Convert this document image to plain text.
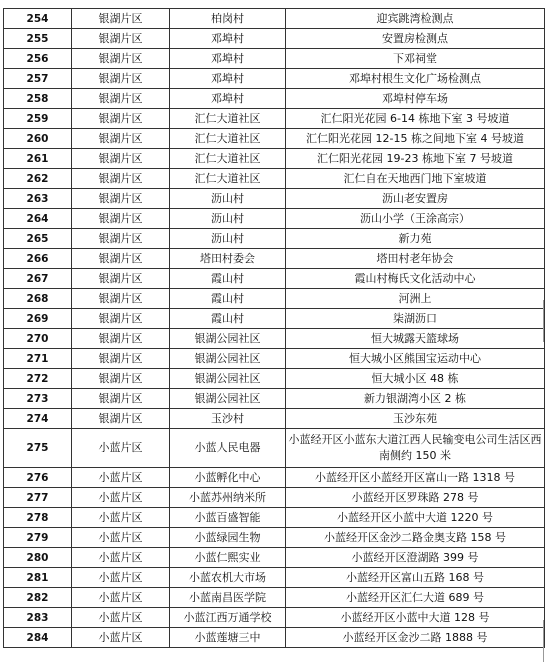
254	银湖片区	柏岗村	迎宾跳湾检测点
255	银湖片区	邓埠村	安置房检测点
256	银湖片区	邓埠村	下邓祠堂
257	银湖片区	邓埠村	邓埠村根生文化广场检测点
258	银湖片区	邓埠村	邓埠村停车场
259	银湖片区	汇仁大道社区	汇仁阳光花园 6-14 栋地下室 3 号坡道
260	银湖片区	汇仁大道社区	汇仁阳光花园 12-15 栋之间地下室 4 号坡道
261	银湖片区	汇仁大道社区	汇仁阳光花园 19-23 栋地下室 7 号坡道
262	银湖片区	汇仁大道社区	汇仁自在天地西门地下室坡道
263	银湖片区	沥山村	沥山老安置房
264	银湖片区	沥山村	沥山小学（王涂高宗）
265	银湖片区	沥山村	新力苑
266	银湖片区	塔田村委会	塔田村老年协会
267	银湖片区	霞山村	霞山村梅氏文化活动中心
268	银湖片区	霞山村	河洲上
269	银湖片区	霞山村	柒湖沥口
270	银湖片区	银湖公园社区	恒大城露天篮球场
271	银湖片区	银湖公园社区	恒大城小区熊国宝运动中心
272	银湖片区	银湖公园社区	恒大城小区 48 栋
273	银湖片区	银湖公园社区	新力银湖湾小区 2 栋
274	银湖片区	玉沙村	玉沙东苑
275	小蓝片区	小蓝人民电器	小蓝经开区小蓝东大道江西人民输变电公司生活区西南侧约 150 米
276	小蓝片区	小蓝孵化中心	小蓝经开区小蓝经开区富山一路 1318 号
277	小蓝片区	小蓝苏州纳米所	小蓝经开区罗珠路 278 号
278	小蓝片区	小蓝百盛智能	小蓝经开区小蓝中大道 1220 号
279	小蓝片区	小蓝绿园生物	小蓝经开区金沙二路金奥支路 158 号
280	小蓝片区	小蓝仁熙实业	小蓝经开区澄湖路 399 号
281	小蓝片区	小蓝农机大市场	小蓝经开区富山五路 168 号
282	小蓝片区	小蓝南昌医学院	小蓝经开区汇仁大道 689 号
283	小蓝片区	小蓝江西万通学校	小蓝经开区小蓝中大道 128 号
284	小蓝片区	小蓝莲塘三中	小蓝经开区金沙二路 1888 号
